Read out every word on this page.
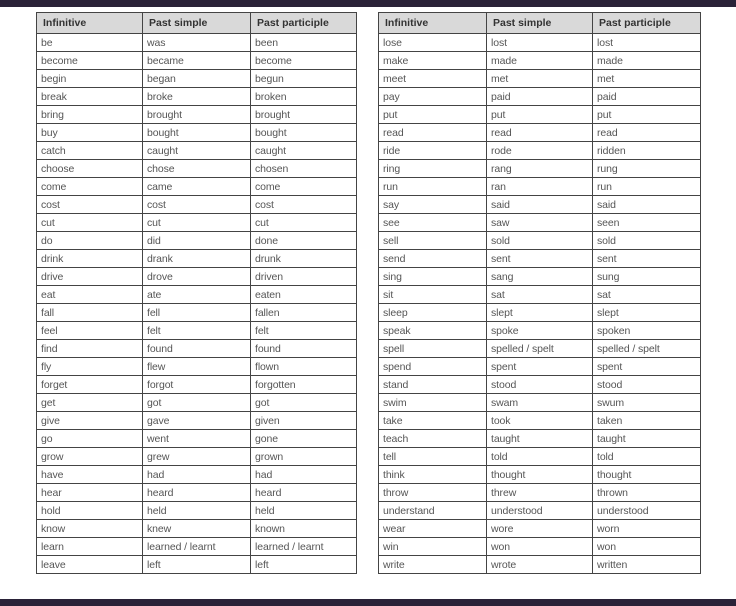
Infinitive	Past simple	Past participle
be	was	been
become	became	become
begin	began	begun
break	broke	broken
bring	brought	brought
buy	bought	bought
catch	caught	caught
choose	chose	chosen
come	came	come
cost	cost	cost
cut	cut	cut
do	did	done
drink	drank	drunk
drive	drove	driven
eat	ate	eaten
fall	fell	fallen
feel	felt	felt
find	found	found
fly	flew	flown
forget	forgot	forgotten
get	got	got
give	gave	given
go	went	gone
grow	grew	grown
have	had	had
hear	heard	heard
hold	held	held
know	knew	known
learn	learned / learnt	learned / learnt
leave	left	left
Infinitive	Past simple	Past participle
lose	lost	lost
make	made	made
meet	met	met
pay	paid	paid
put	put	put
read	read	read
ride	rode	ridden
ring	rang	rung
run	ran	run
say	said	said
see	saw	seen
sell	sold	sold
send	sent	sent
sing	sang	sung
sit	sat	sat
sleep	slept	slept
speak	spoke	spoken
spell	spelled / spelt	spelled / spelt
spend	spent	spent
stand	stood	stood
swim	swam	swum
take	took	taken
teach	taught	taught
tell	told	told
think	thought	thought
throw	threw	thrown
understand	understood	understood
wear	wore	worn
win	won	won
write	wrote	written
